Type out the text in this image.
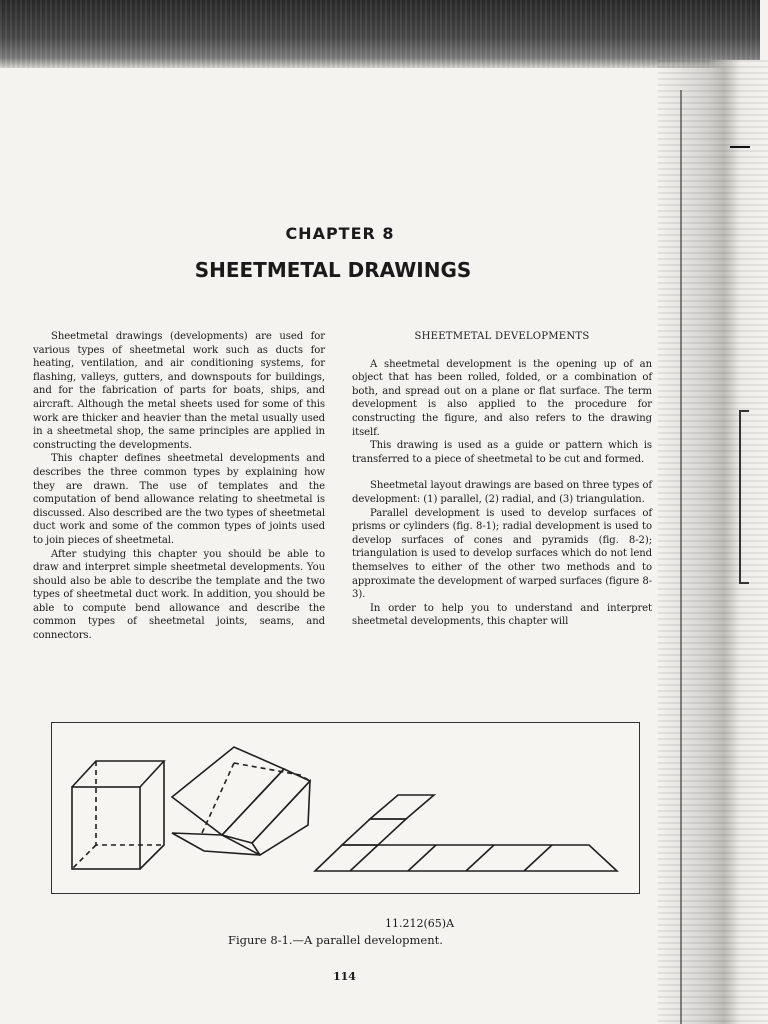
CHAPTER 8
SHEETMETAL DRAWINGS

Sheetmetal drawings (developments) are used for various types of sheetmetal work such as ducts for heating, ventilation, and air conditioning systems, for flashing, valleys, gutters, and downspouts for buildings, and for the fabrication of parts for boats, ships, and aircraft. Although the metal sheets used for some of this work are thicker and heavier than the metal usually used in a sheetmetal shop, the same principles are applied in constructing the developments.

This chapter defines sheetmetal developments and describes the three common types by explaining how they are drawn. The use of templates and the computation of bend allowance relating to sheetmetal is discussed. Also described are the two types of sheetmetal duct work and some of the common types of joints used to join pieces of sheetmetal.

After studying this chapter you should be able to draw and interpret simple sheetmetal developments. You should also be able to describe the template and the two types of sheetmetal duct work. In addition, you should be able to compute bend allowance and describe the common types of sheetmetal joints, seams, and connectors.

SHEETMETAL DEVELOPMENTS

A sheetmetal development is the opening up of an object that has been rolled, folded, or a combination of both, and spread out on a plane or flat surface. The term development is also applied to the procedure for constructing the figure, and also refers to the drawing itself.

This drawing is used as a guide or pattern which is transferred to a piece of sheetmetal to be cut and formed.

Sheetmetal layout drawings are based on three types of development: (1) parallel, (2) radial, and (3) triangulation.

Parallel development is used to develop surfaces of prisms or cylinders (fig. 8-1); radial development is used to develop surfaces of cones and pyramids (fig. 8-2); triangulation is used to develop surfaces which do not lend themselves to either of the other two methods and to approximate the development of warped surfaces (figure 8-3).

In order to help you to understand and interpret sheetmetal developments, this chapter will

11.212(65)A
Figure 8-1.—A parallel development.
114
